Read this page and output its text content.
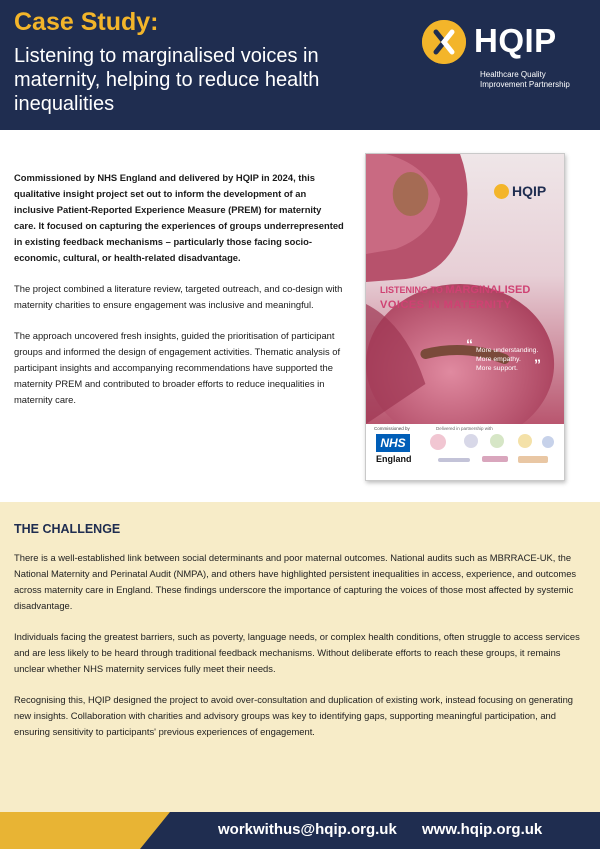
Case Study:
Listening to marginalised voices in maternity, helping to reduce health inequalities
HQIP
Healthcare Quality Improvement Partnership

Commissioned by NHS England and delivered by HQIP in 2024, this qualitative insight project set out to inform the development of an inclusive Patient-Reported Experience Measure (PREM) for maternity care. It focused on capturing the experiences of groups underrepresented in existing feedback mechanisms – particularly those facing socio-economic, cultural, or health-related disadvantage.

The project combined a literature review, targeted outreach, and co-design with maternity charities to ensure engagement was inclusive and meaningful.

The approach uncovered fresh insights, guided the prioritisation of participant groups and informed the design of engagement activities. Thematic analysis of participant insights and accompanying recommendations have supported the maternity PREM and contributed to broader efforts to reduce inequalities in maternity care.

HQIP
LISTENING TO MARGINALISED
VOICES IN MATERNITY
“ More understanding.
More empathy.
More support.	”
Commissioned by	Delivered in partnership with
NHS
England
THE CHALLENGE

There is a well-established link between social determinants and poor maternal outcomes. National audits such as MBRRACE-UK, the National Maternity and Perinatal Audit (NMPA), and others have highlighted persistent inequalities in access, experience, and outcomes across maternity care in England. These findings underscore the importance of capturing the voices of those most affected by systemic disadvantage.

Individuals facing the greatest barriers, such as poverty, language needs, or complex health conditions, often struggle to access services and are less likely to be heard through traditional feedback mechanisms. Without deliberate efforts to reach these groups, it remains unclear whether NHS maternity services fully meet their needs.

Recognising this, HQIP designed the project to avoid over-consultation and duplication of existing work, instead focusing on generating new insights. Collaboration with charities and advisory groups was key to identifying gaps, supporting meaningful participation, and ensuring sensitivity to participants' previous experiences of engagement.

workwithus@hqip.org.uk www.hqip.org.uk
